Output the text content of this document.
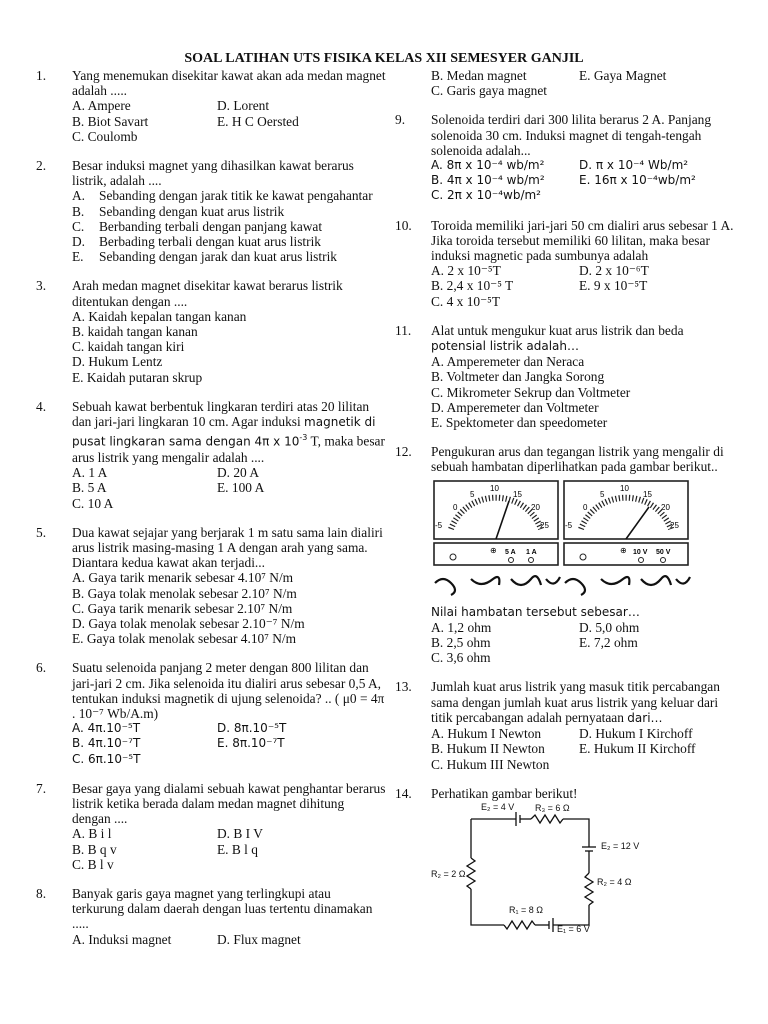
SOAL LATIHAN UTS FISIKA KELAS XII SEMESYER GANJIL
1. Yang menemukan disekitar kawat akan ada medan magnet adalah .....
A. Ampere	D. Lorent
B. Biot Savart	E. H C Oersted
C. Coulomb
2. Besar induksi magnet yang dihasilkan kawat berarus listrik, adalah ....
A. Sebanding dengan jarak titik ke kawat pengahantar
B. Sebanding dengan kuat arus listrik
C. Berbanding terbali dengan panjang kawat
D. Berbading terbali dengan kuat arus listrik
E. Sebanding dengan jarak dan kuat arus listrik
3. Arah medan magnet disekitar kawat berarus listrik ditentukan dengan ....
A. Kaidah kepalan tangan kanan
B. kaidah tangan kanan
C. kaidah tangan kiri
D. Hukum Lentz
E. Kaidah putaran skrup
4. Sebuah kawat berbentuk lingkaran terdiri atas 20 lilitan dan jari-jari lingkaran 10 cm. Agar induksi magnetik di pusat lingkaran sama dengan 4π x $10^{-3}$ T, maka besar arus listrik yang mengalir adalah ....
A. 1 A	D. 20 A
B. 5 A	E. 100 A
C. 10 A
5. Dua kawat sejajar yang berjarak 1 m satu sama lain dialiri arus listrik masing-masing 1 A dengan arah yang sama. Diantara kedua kawat akan terjadi...
A. Gaya tarik menarik sebesar 4.10⁷ N/m
B. Gaya tolak menolak sebesar 2.10⁷ N/m
C. Gaya tarik menarik sebesar 2.10⁷ N/m
D. Gaya tolak menolak sebesar 2.10⁻⁷ N/m
E. Gaya tolak menolak sebesar 4.10⁷ N/m
6. Suatu selenoida panjang 2 meter dengan 800 lilitan dan jari-jari 2 cm. Jika selenoida itu dialiri arus sebesar 0,5 A, tentukan induksi magnetik di ujung selenoida? .. ( μ0 = 4π . 10⁻⁷ Wb/A.m)
A. 4π.10⁻⁵T	D. 8π.10⁻⁵T
B. 4π.10⁻⁷T	E. 8π.10⁻⁷T
C. 6π.10⁻⁵T
7. Besar gaya yang dialami sebuah kawat penghantar berarus listrik ketika berada dalam medan magnet dihitung dengan ....
A. B i l	D. B I V
B. B q v	E. B l q
C. B l v
8. Banyak garis gaya magnet yang terlingkupi atau terkurung dalam daerah dengan luas tertentu dinamakan .....
A. Induksi magnet	D. Flux magnet
B. Medan magnet	E. Gaya Magnet
C. Garis gaya magnet
9. Solenoida terdiri dari 300 lilita berarus 2 A. Panjang solenoida 30 cm. Induksi magnet di tengah-tengah solenoida adalah...
A. 8π x 10⁻⁴ wb/m²	D. π x 10⁻⁴ Wb/m²
B. 4π x 10⁻⁴ wb/m²	E. 16π x 10⁻⁴wb/m²
C. 2π x 10⁻⁴wb/m²
10. Toroida memiliki jari-jari 50 cm dialiri arus sebesar 1 A. Jika toroida tersebut memiliki 60 lilitan, maka besar induksi magnetic pada sumbunya adalah
A. 2 x 10⁻⁵T	D. 2 x 10⁻⁶T
B. 2,4 x 10⁻⁵ T	E. 9 x 10⁻⁵T
C. 4 x 10⁻⁵T
11. Alat untuk mengukur kuat arus listrik dan beda potensial listrik adalah…
A. Amperemeter dan Neraca
B. Voltmeter dan Jangka Sorong
C. Mikrometer Sekrup dan Voltmeter
D. Amperemeter dan Voltmeter
E. Spektometer dan speedometer
12. Pengukuran arus dan tegangan listrik yang mengalir di sebuah hambatan diperlihatkan pada gambar berikut..
0
5
10
15
20
25
-5
⊕ 5 A 1 A
0
5
10
15
20
25
-5
⊕ 10 V 50 V
Nilai hambatan tersebut sebesar…
A. 1,2 ohm	D. 5,0 ohm
B. 2,5 ohm	E. 7,2 ohm
C. 3,6 ohm
13. Jumlah kuat arus listrik yang masuk titik percabangan sama dengan jumlah kuat arus listrik yang keluar dari titik percabangan adalah pernyataan dari…
A. Hukum I Newton	D. Hukum I Kirchoff
B. Hukum II Newton	E. Hukum II Kirchoff
C. Hukum III Newton
14. Perhatikan gambar berikut!
E₂ = 4 V R₃ = 6 Ω
E₂ = 12 V
R₂ = 2 Ω
R₂ = 4 Ω
R₁ = 8 Ω
E₁ = 6 V
